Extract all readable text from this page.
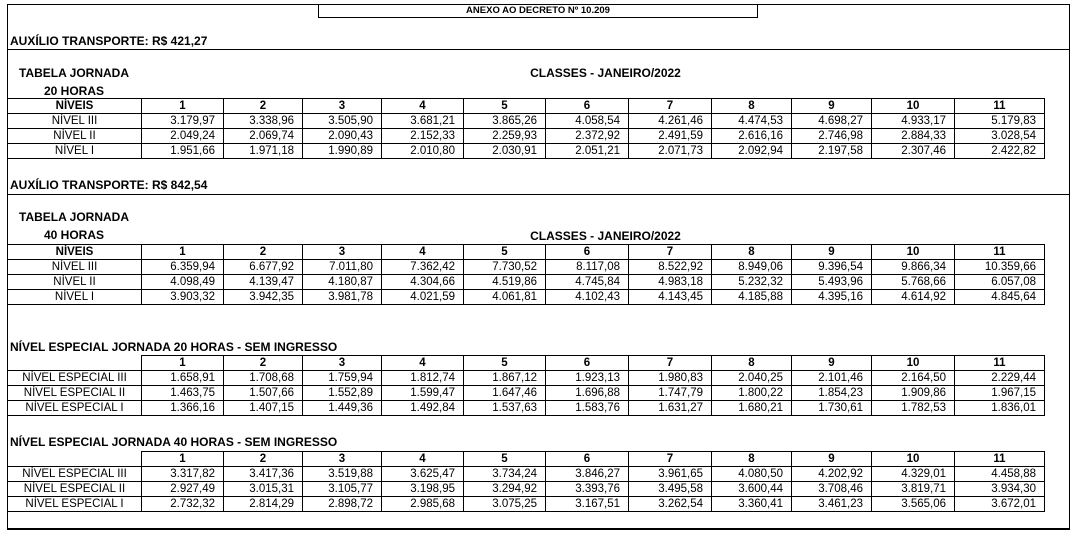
ANEXO AO DECRETO Nº 10.209
AUXÍLIO TRANSPORTE: R$ 421,27
TABELA JORNADA
20 HORAS
CLASSES - JANEIRO/2022
NÍVEIS	1	2	3	4	5	6	7	8	9	10	11
NÍVEL III	3.179,97	3.338,96	3.505,90	3.681,21	3.865,26	4.058,54	4.261,46	4.474,53	4.698,27	4.933,17	5.179,83
NÍVEL II	2.049,24	2.069,74	2.090,43	2.152,33	2.259,93	2.372,92	2.491,59	2.616,16	2.746,98	2.884,33	3.028,54
NÍVEL I	1.951,66	1.971,18	1.990,89	2.010,80	2.030,91	2.051,21	2.071,73	2.092,94	2.197,58	2.307,46	2.422,82
AUXÍLIO TRANSPORTE: R$ 842,54
TABELA JORNADA
40 HORAS	CLASSES - JANEIRO/2022
NÍVEIS	1	2	3	4	5	6	7	8	9	10	11
NÍVEL III	6.359,94	6.677,92	7.011,80	7.362,42	7.730,52	8.117,08	8.522,92	8.949,06	9.396,54	9.866,34	10.359,66
NÍVEL II	4.098,49	4.139,47	4.180,87	4.304,66	4.519,86	4.745,84	4.983,18	5.232,32	5.493,96	5.768,66	6.057,08
NÍVEL I	3.903,32	3.942,35	3.981,78	4.021,59	4.061,81	4.102,43	4.143,45	4.185,88	4.395,16	4.614,92	4.845,64
NÍVEL ESPECIAL JORNADA 20 HORAS - SEM INGRESSO
	1	2	3	4	5	6	7	8	9	10	11
NÍVEL ESPECIAL III	1.658,91	1.708,68	1.759,94	1.812,74	1.867,12	1.923,13	1.980,83	2.040,25	2.101,46	2.164,50	2.229,44
NÍVEL ESPECIAL II	1.463,75	1.507,66	1.552,89	1.599,47	1.647,46	1.696,88	1.747,79	1.800,22	1.854,23	1.909,86	1.967,15
NÍVEL ESPECIAL I	1.366,16	1.407,15	1.449,36	1.492,84	1.537,63	1.583,76	1.631,27	1.680,21	1.730,61	1.782,53	1.836,01
NÍVEL ESPECIAL JORNADA 40 HORAS - SEM INGRESSO
	1	2	3	4	5	6	7	8	9	10	11
NÍVEL ESPECIAL III	3.317,82	3.417,36	3.519,88	3.625,47	3.734,24	3.846,27	3.961,65	4.080,50	4.202,92	4.329,01	4.458,88
NÍVEL ESPECIAL II	2.927,49	3.015,31	3.105,77	3.198,95	3.294,92	3.393,76	3.495,58	3.600,44	3.708,46	3.819,71	3.934,30
NÍVEL ESPECIAL I	2.732,32	2.814,29	2.898,72	2.985,68	3.075,25	3.167,51	3.262,54	3.360,41	3.461,23	3.565,06	3.672,01
